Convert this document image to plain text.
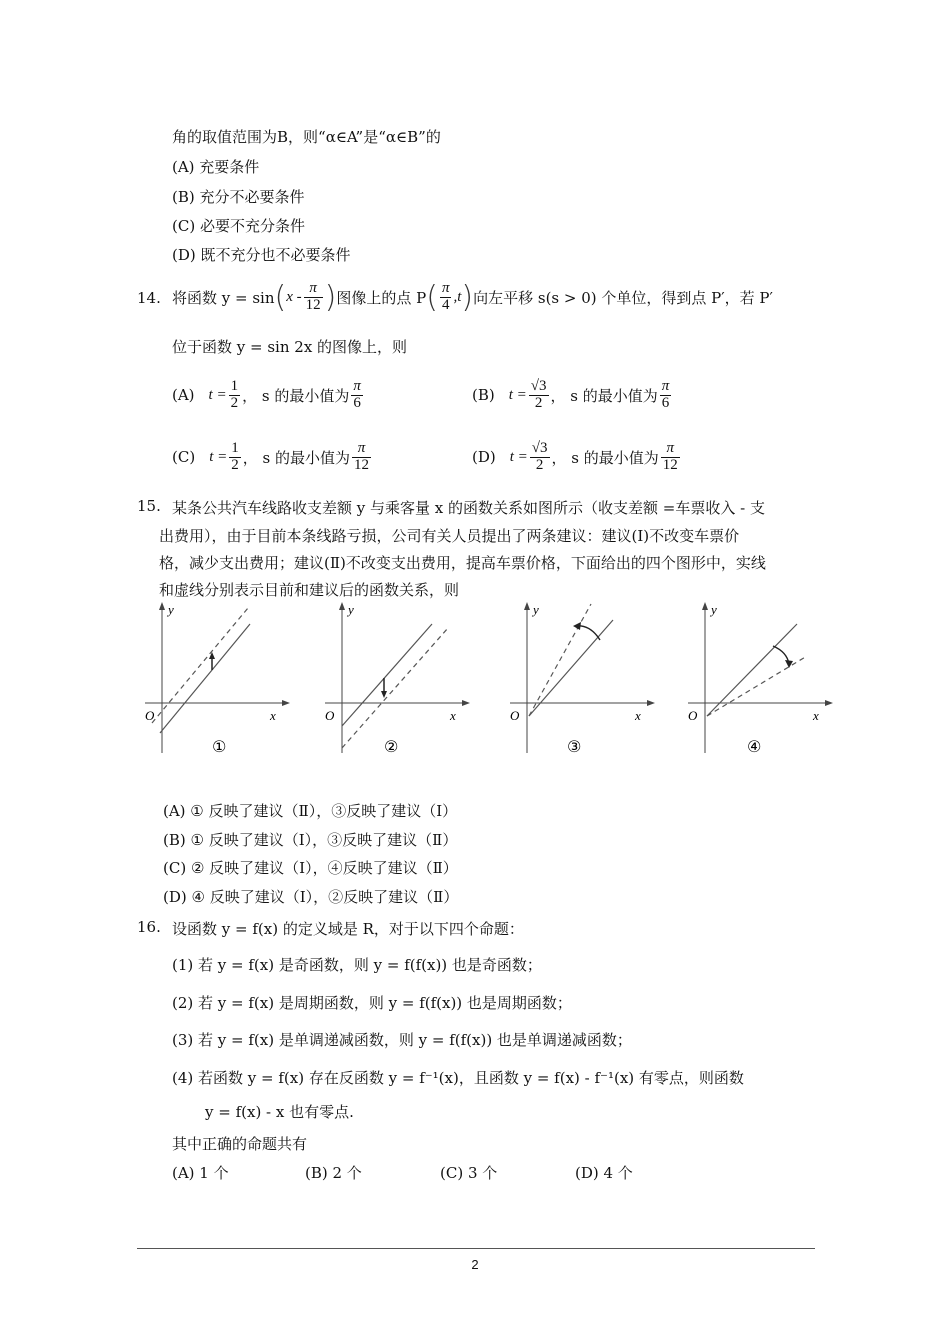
角的取值范围为B，则“α∈A”是“α∈B”的
(A) 充要条件
(B) 充分不必要条件
(C) 必要不充分条件
(D) 既不充分也不必要条件
14. 将函数 y = sin ( x - $\frac{\pi}{12}$ ) 图像上的点 P ( $\frac{\pi}{4} ,t$ ) 向左平移 s(s > 0) 个单位，得到点 P′，若 P′
位于函数 y = sin 2x 的图像上，则
(A) $t = \frac{1}{2}$ ， s 的最小值为 $\frac{\pi}{6}$	(B) $t = \frac{√3}{2}$ ， s 的最小值为 $\frac{\pi}{6}$
(C) $t = \frac{1}{2}$ ， s 的最小值为 $\frac{\pi}{12}$	(D) $t = \frac{√3}{2}$ ， s 的最小值为 $\frac{\pi}{12}$
15. 某条公共汽车线路收支差额 y 与乘客量 x 的函数关系如图所示（收支差额 =车票收入 - 支
出费用），由于目前本条线路亏损，公司有关人员提出了两条建议：建议(Ⅰ)不改变车票价
格，减少支出费用；建议(Ⅱ)不改变支出费用，提高车票价格，下面给出的四个图形中，实线
和虚线分别表示目前和建议后的函数关系，则
y
x
O
①
y
x
O
②
y
x
O
③
y
x
O
④
(A) ① 反映了建议（Ⅱ），③反映了建议（Ⅰ）
(B) ① 反映了建议（Ⅰ），③反映了建议（Ⅱ）
(C) ② 反映了建议（Ⅰ），④反映了建议（Ⅱ）
(D) ④ 反映了建议（Ⅰ），②反映了建议（Ⅱ）
16. 设函数 y = f(x) 的定义域是 R，对于以下四个命题：
(1) 若 y = f(x) 是奇函数，则 y = f(f(x)) 也是奇函数；
(2) 若 y = f(x) 是周期函数，则 y = f(f(x)) 也是周期函数；
(3) 若 y = f(x) 是单调递减函数，则 y = f(f(x)) 也是单调递减函数；
(4) 若函数 y = f(x) 存在反函数 y = f⁻¹(x)，且函数 y = f(x) - f⁻¹(x) 有零点，则函数
y = f(x) - x 也有零点.
其中正确的命题共有
(A) 1 个	(B) 2 个	(C) 3 个	(D) 4 个
2
